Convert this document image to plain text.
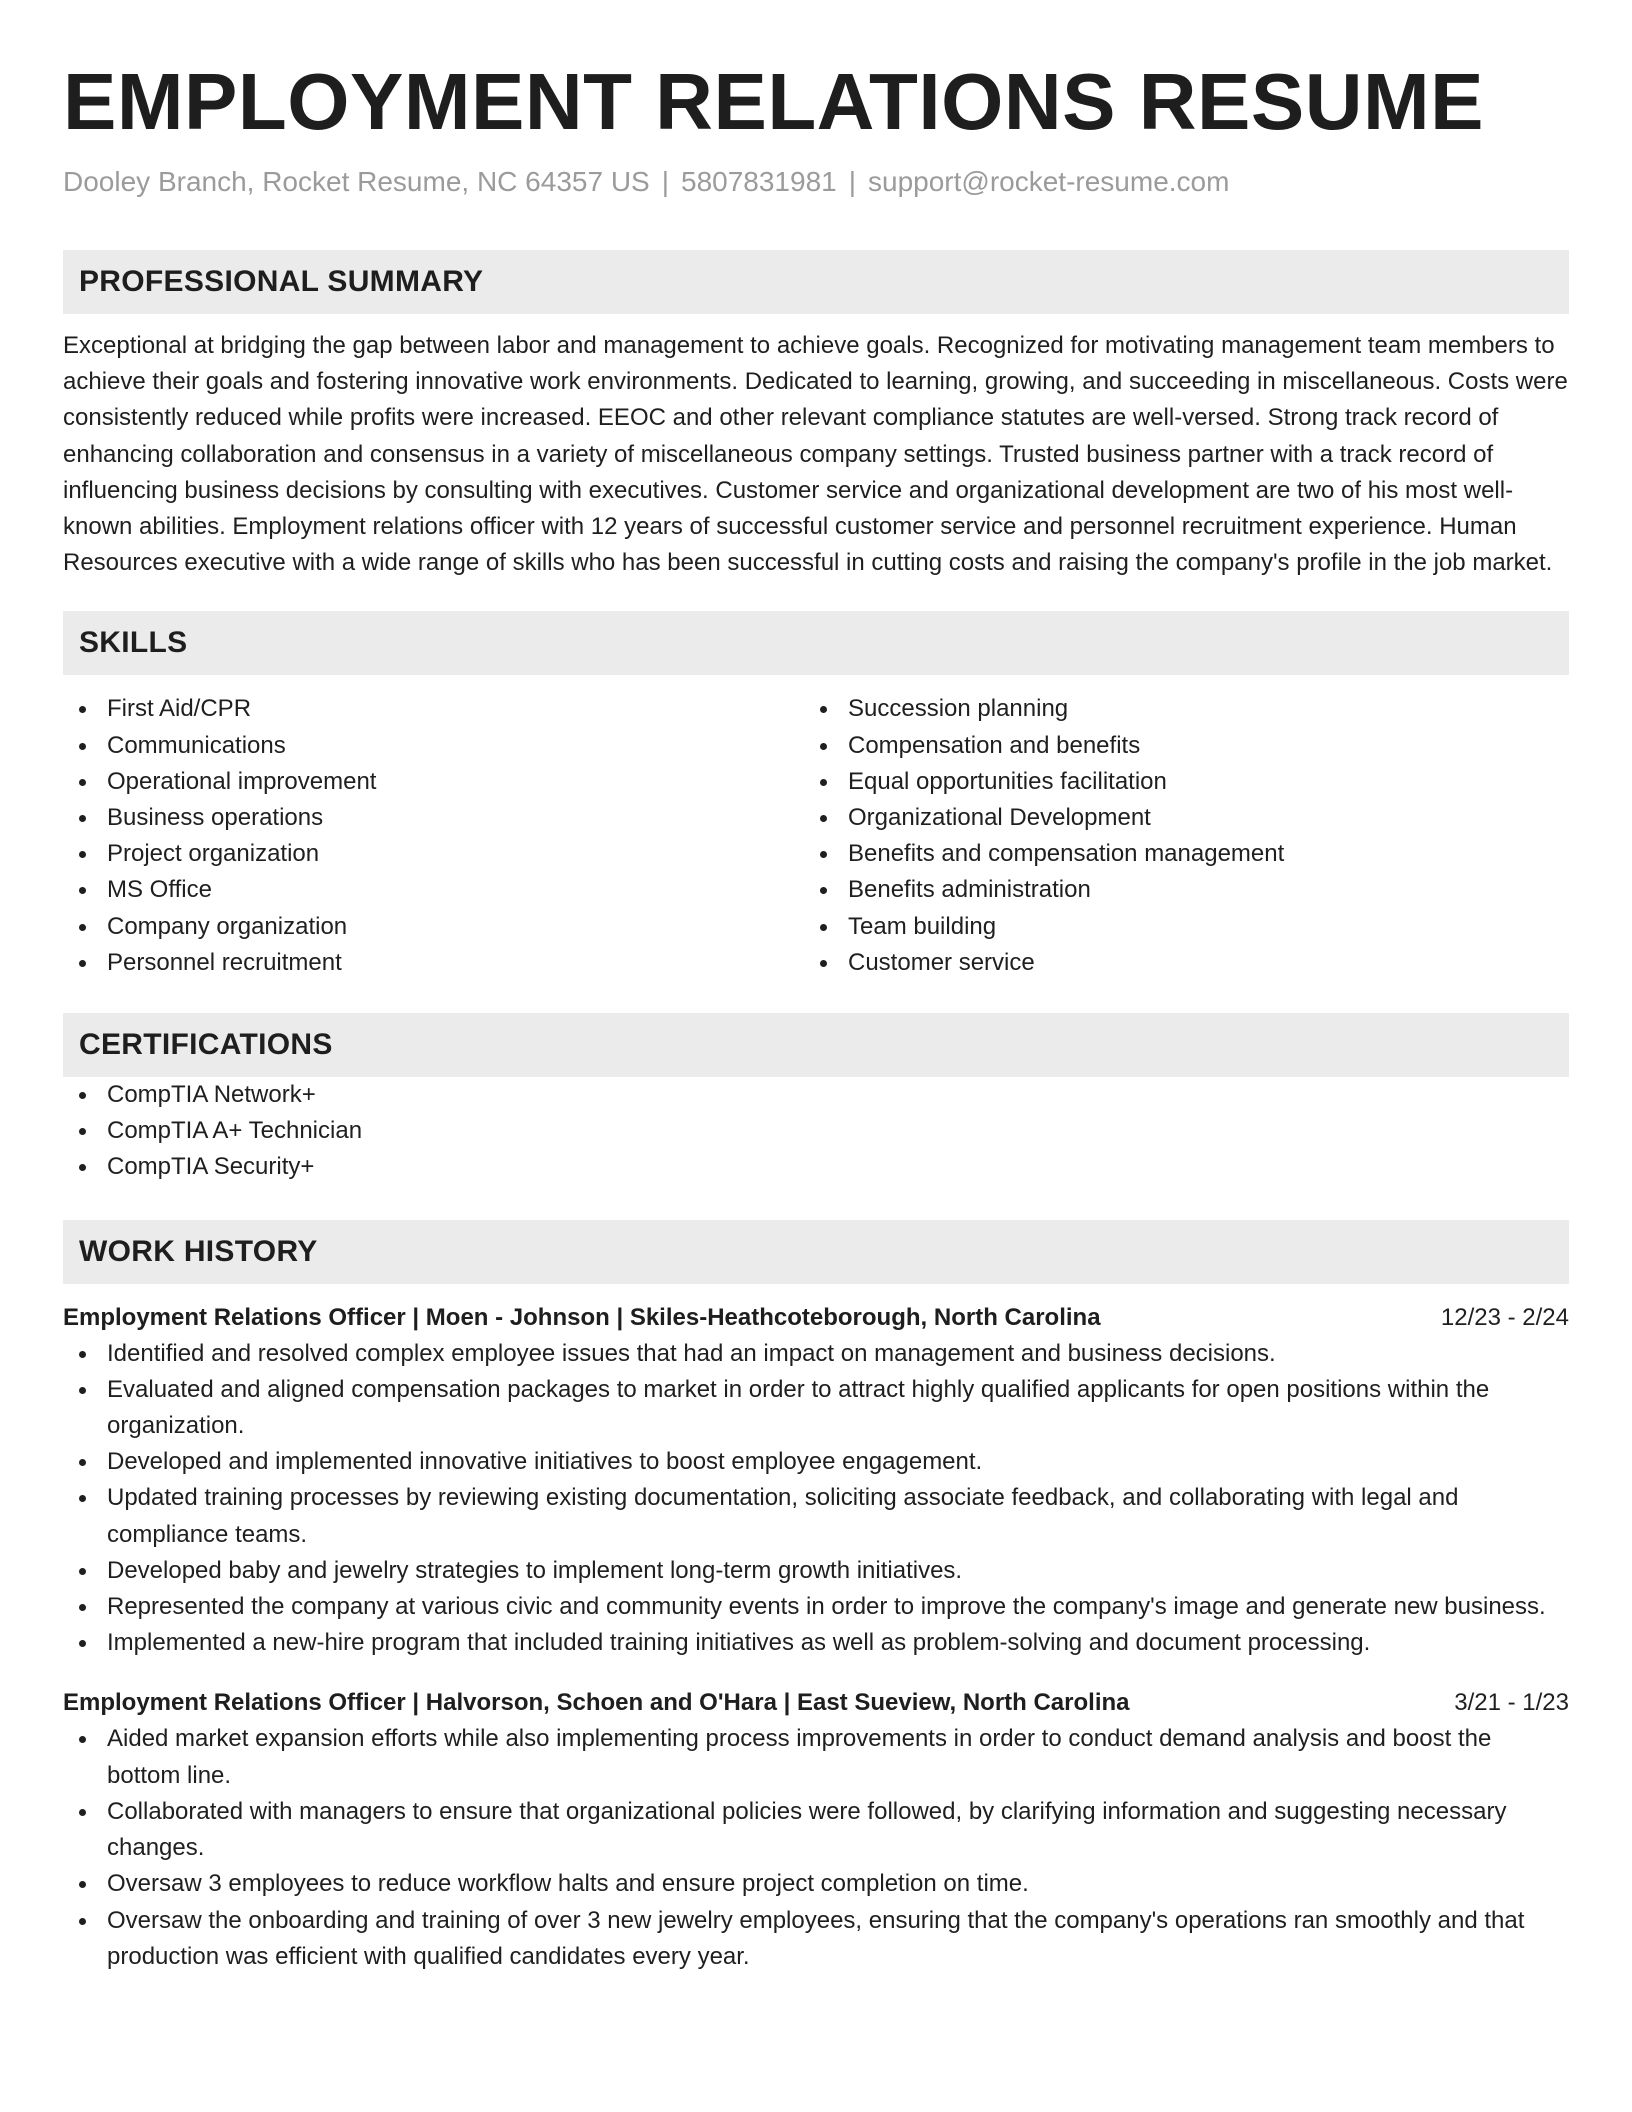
EMPLOYMENT RELATIONS RESUME
Dooley Branch, Rocket Resume, NC 64357 US | 5807831981 | support@rocket-resume.com
PROFESSIONAL SUMMARY
Exceptional at bridging the gap between labor and management to achieve goals. Recognized for motivating management team members to achieve their goals and fostering innovative work environments. Dedicated to learning, growing, and succeeding in miscellaneous. Costs were consistently reduced while profits were increased. EEOC and other relevant compliance statutes are well-versed. Strong track record of enhancing collaboration and consensus in a variety of miscellaneous company settings. Trusted business partner with a track record of influencing business decisions by consulting with executives. Customer service and organizational development are two of his most well-known abilities. Employment relations officer with 12 years of successful customer service and personnel recruitment experience. Human Resources executive with a wide range of skills who has been successful in cutting costs and raising the company's profile in the job market.
SKILLS
First Aid/CPR
Communications
Operational improvement
Business operations
Project organization
MS Office
Company organization
Personnel recruitment
Succession planning
Compensation and benefits
Equal opportunities facilitation
Organizational Development
Benefits and compensation management
Benefits administration
Team building
Customer service
CERTIFICATIONS
CompTIA Network+
CompTIA A+ Technician
CompTIA Security+
WORK HISTORY
Employment Relations Officer | Moen - Johnson | Skiles-Heathcoteborough, North Carolina	12/23 - 2/24
Identified and resolved complex employee issues that had an impact on management and business decisions.
Evaluated and aligned compensation packages to market in order to attract highly qualified applicants for open positions within the organization.
Developed and implemented innovative initiatives to boost employee engagement.
Updated training processes by reviewing existing documentation, soliciting associate feedback, and collaborating with legal and compliance teams.
Developed baby and jewelry strategies to implement long-term growth initiatives.
Represented the company at various civic and community events in order to improve the company's image and generate new business.
Implemented a new-hire program that included training initiatives as well as problem-solving and document processing.
Employment Relations Officer | Halvorson, Schoen and O'Hara | East Sueview, North Carolina	3/21 - 1/23
Aided market expansion efforts while also implementing process improvements in order to conduct demand analysis and boost the bottom line.
Collaborated with managers to ensure that organizational policies were followed, by clarifying information and suggesting necessary changes.
Oversaw 3 employees to reduce workflow halts and ensure project completion on time.
Oversaw the onboarding and training of over 3 new jewelry employees, ensuring that the company's operations ran smoothly and that production was efficient with qualified candidates every year.
